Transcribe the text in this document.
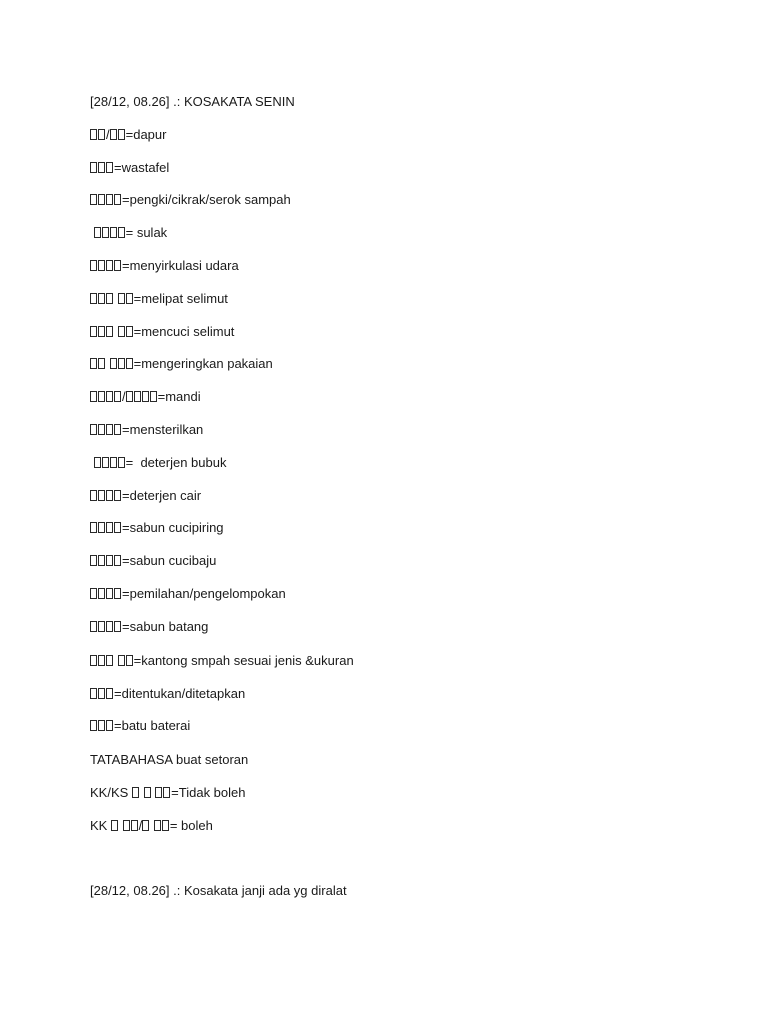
[28/12, 08.26] .: KOSAKATA SENIN
/ =dapur
=wastafel
=pengki/cikrak/serok sampah
= sulak
=menyirkulasi udara
=melipat selimut
=mencuci selimut
=mengeringkan pakaian
/ =mandi
=mensterilkan
=  deterjen bubuk
=deterjen cair
=sabun cucipiring
=sabun cucibaju
=pemilahan/pengelompokan
=sabun batang
=kantong smpah sesuai jenis &ukuran
=ditentukan/ditetapkan
=batu baterai
TATABAHASA buat setoran
KK/KS	=Tidak boleh
KK  / = boleh
[28/12, 08.26] .: Kosakata janji ada yg diralat
